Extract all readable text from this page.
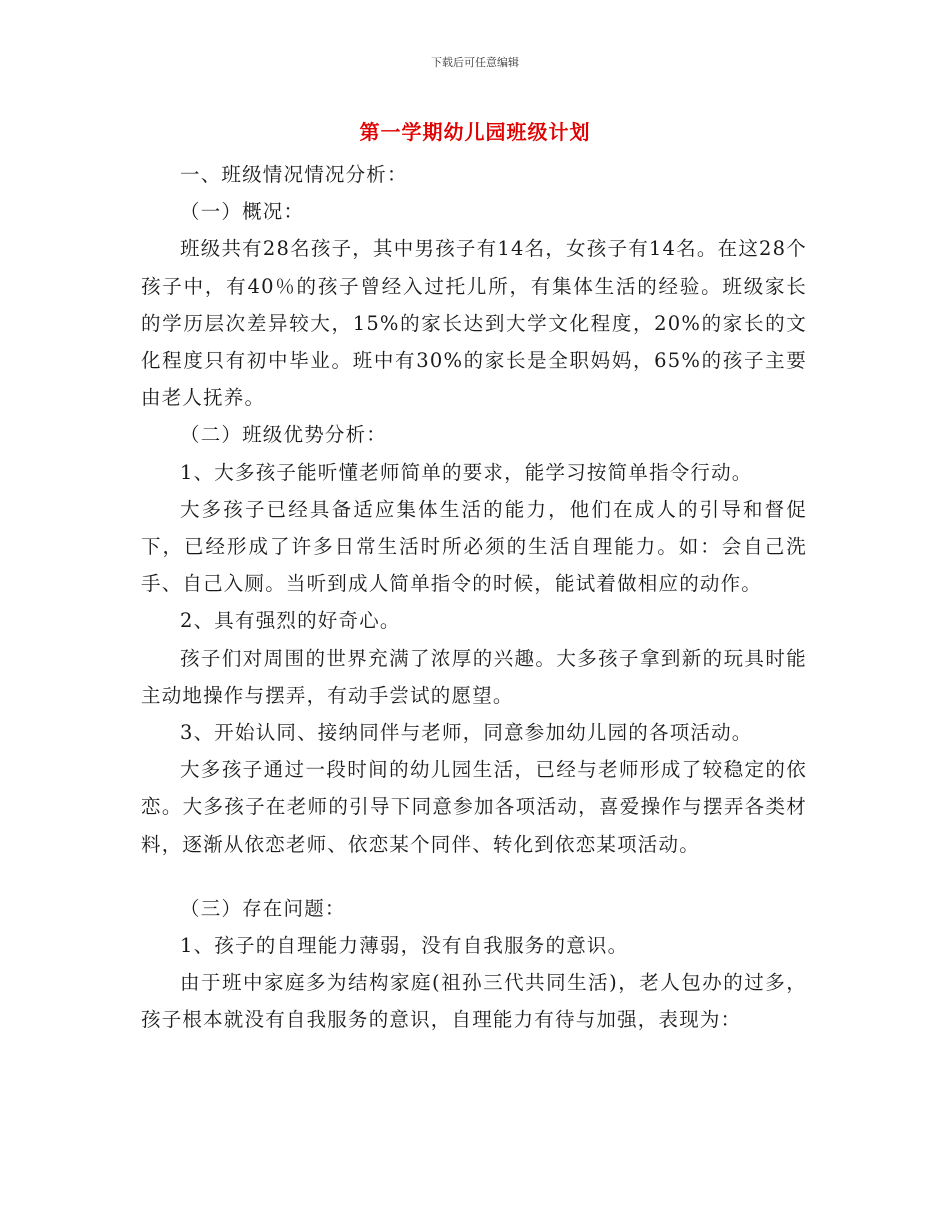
下载后可任意编辑
第一学期幼儿园班级计划

一、班级情况情况分析：

（一）概况：

班级共有28名孩子，其中男孩子有14名，女孩子有14名。在这28个孩子中，有40％的孩子曾经入过托儿所，有集体生活的经验。班级家长的学历层次差异较大，15%的家长达到大学文化程度，20%的家长的文化程度只有初中毕业。班中有30%的家长是全职妈妈，65%的孩子主要由老人抚养。

（二）班级优势分析：

1、大多孩子能听懂老师简单的要求，能学习按简单指令行动。

大多孩子已经具备适应集体生活的能力，他们在成人的引导和督促下，已经形成了许多日常生活时所必须的生活自理能力。如：会自己洗手、自己入厕。当听到成人简单指令的时候，能试着做相应的动作。

2、具有强烈的好奇心。

孩子们对周围的世界充满了浓厚的兴趣。大多孩子拿到新的玩具时能主动地操作与摆弄，有动手尝试的愿望。

3、开始认同、接纳同伴与老师，同意参加幼儿园的各项活动。

大多孩子通过一段时间的幼儿园生活，已经与老师形成了较稳定的依恋。大多孩子在老师的引导下同意参加各项活动，喜爱操作与摆弄各类材料，逐渐从依恋老师、依恋某个同伴、转化到依恋某项活动。

（三）存在问题：

1、孩子的自理能力薄弱，没有自我服务的意识。

由于班中家庭多为结构家庭(祖孙三代共同生活)，老人包办的过多，孩子根本就没有自我服务的意识，自理能力有待与加强，表现为：
